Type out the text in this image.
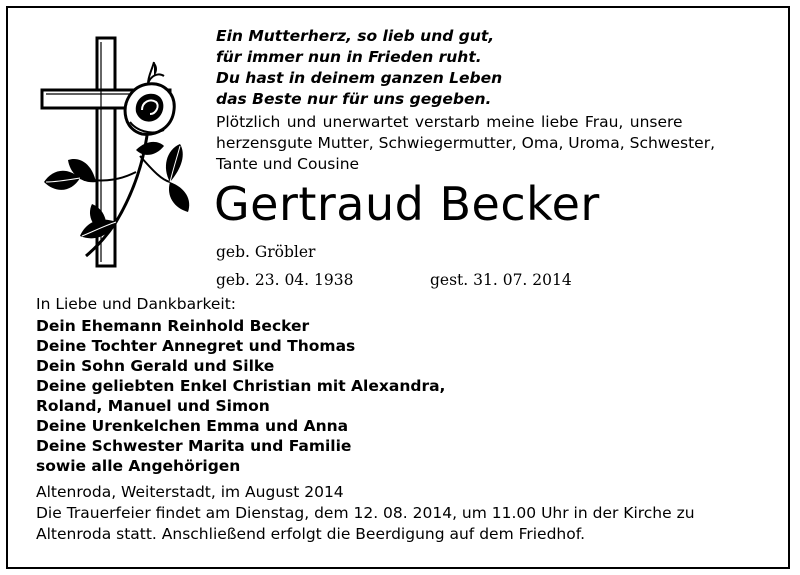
Ein Mutterherz, so lieb und gut,
für immer nun in Frieden ruht.
Du hast in deinem ganzen Leben
das Beste nur für uns gegeben.
Plötzlich und unerwartet verstarb meine liebe Frau, unsere
herzensgute Mutter, Schwiegermutter, Oma, Uroma, Schwester,
Tante und Cousine
Gertraud Becker
geb. Gröbler
geb. 23. 04. 1938	gest. 31. 07. 2014
In Liebe und Dankbarkeit:
Dein Ehemann Reinhold Becker
Deine Tochter Annegret und Thomas
Dein Sohn Gerald und Silke
Deine geliebten Enkel Christian mit Alexandra,
Roland, Manuel und Simon
Deine Urenkelchen Emma und Anna
Deine Schwester Marita und Familie
sowie alle Angehörigen
Altenroda, Weiterstadt, im August 2014
Die Trauerfeier findet am Dienstag, dem 12. 08. 2014, um 11.00 Uhr in der Kirche zu
Altenroda statt. Anschließend erfolgt die Beerdigung auf dem Friedhof.
